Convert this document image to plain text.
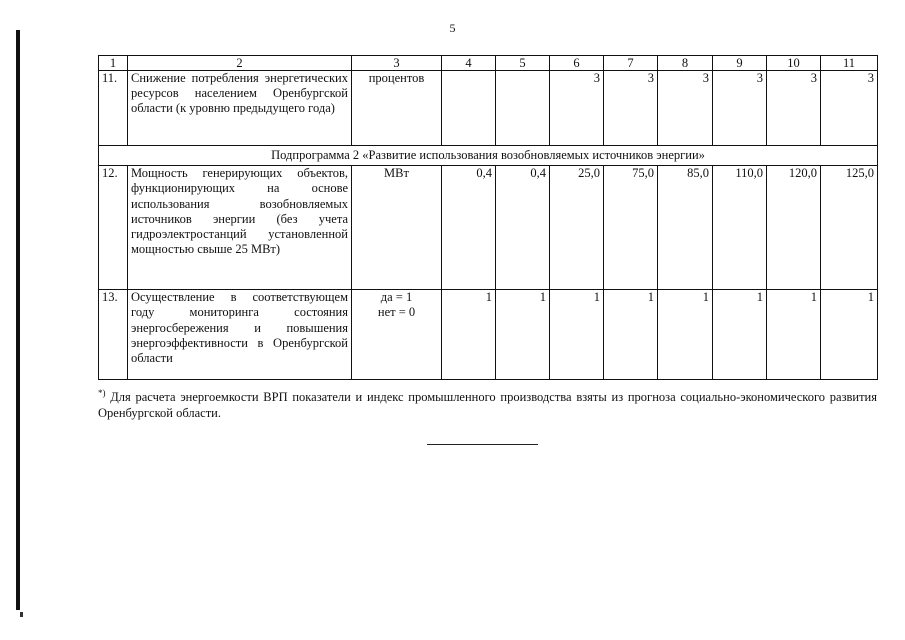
5
1	2	3	4	5	6	7	8	9	10	11
11.	Снижение потребления энергетических ресурсов населением Оренбургской области (к уровню предыдущего года)	процентов			3	3	3	3	3	3
Подпрограмма 2 «Развитие использования возобновляемых источников энергии»										
12.	Мощность генерирующих объектов, функционирующих на основе использования возобновляемых источников энергии (без учета гидроэлектростанций установленной мощностью свыше 25 МВт)	МВт	0,4	0,4	25,0	75,0	85,0	110,0	120,0	125,0
13.	Осуществление в соответствующем году мониторинга состояния энергосбережения и повышения энергоэффективности в Оренбургской области	да = 1
нет = 0	1	1	1	1	1	1	1	1
*) Для расчета энергоемкости ВРП показатели и индекс промышленного производства взяты из прогноза социально-экономического развития Оренбургской области.
